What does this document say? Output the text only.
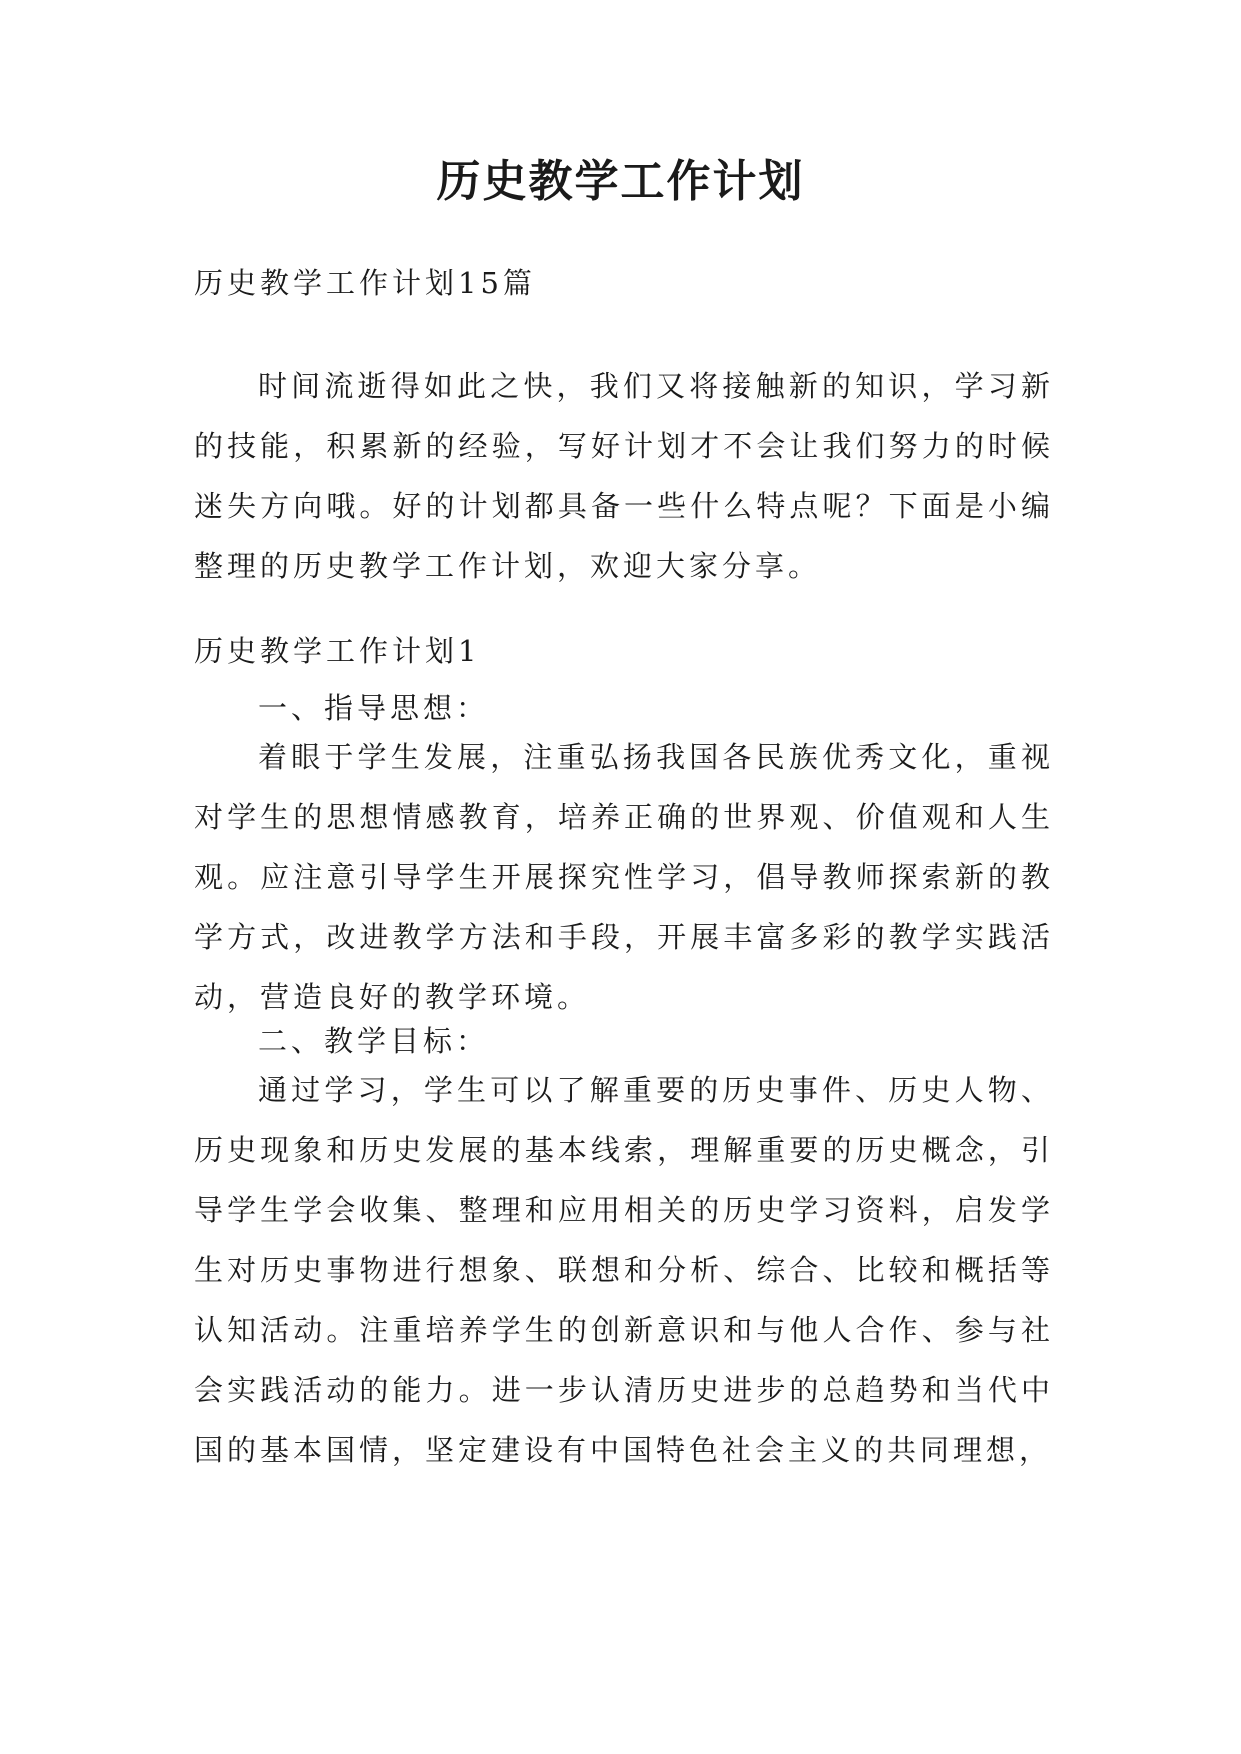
历史教学工作计划
历史教学工作计划15篇
时间流逝得如此之快，我们又将接触新的知识，学习新的技能，积累新的经验，写好计划才不会让我们努力的时候迷失方向哦。好的计划都具备一些什么特点呢？下面是小编整理的历史教学工作计划，欢迎大家分享。
历史教学工作计划1
一、指导思想：
着眼于学生发展，注重弘扬我国各民族优秀文化，重视对学生的思想情感教育，培养正确的世界观、价值观和人生观。应注意引导学生开展探究性学习，倡导教师探索新的教学方式，改进教学方法和手段，开展丰富多彩的教学实践活动，营造良好的教学环境。
二、教学目标：
通过学习，学生可以了解重要的历史事件、历史人物、历史现象和历史发展的基本线索，理解重要的历史概念，引导学生学会收集、整理和应用相关的历史学习资料，启发学生对历史事物进行想象、联想和分析、综合、比较和概括等认知活动。注重培养学生的创新意识和与他人合作、参与社会实践活动的能力。进一步认清历史进步的总趋势和当代中国的基本国情，坚定建设有中国特色社会主义的共同理想，
